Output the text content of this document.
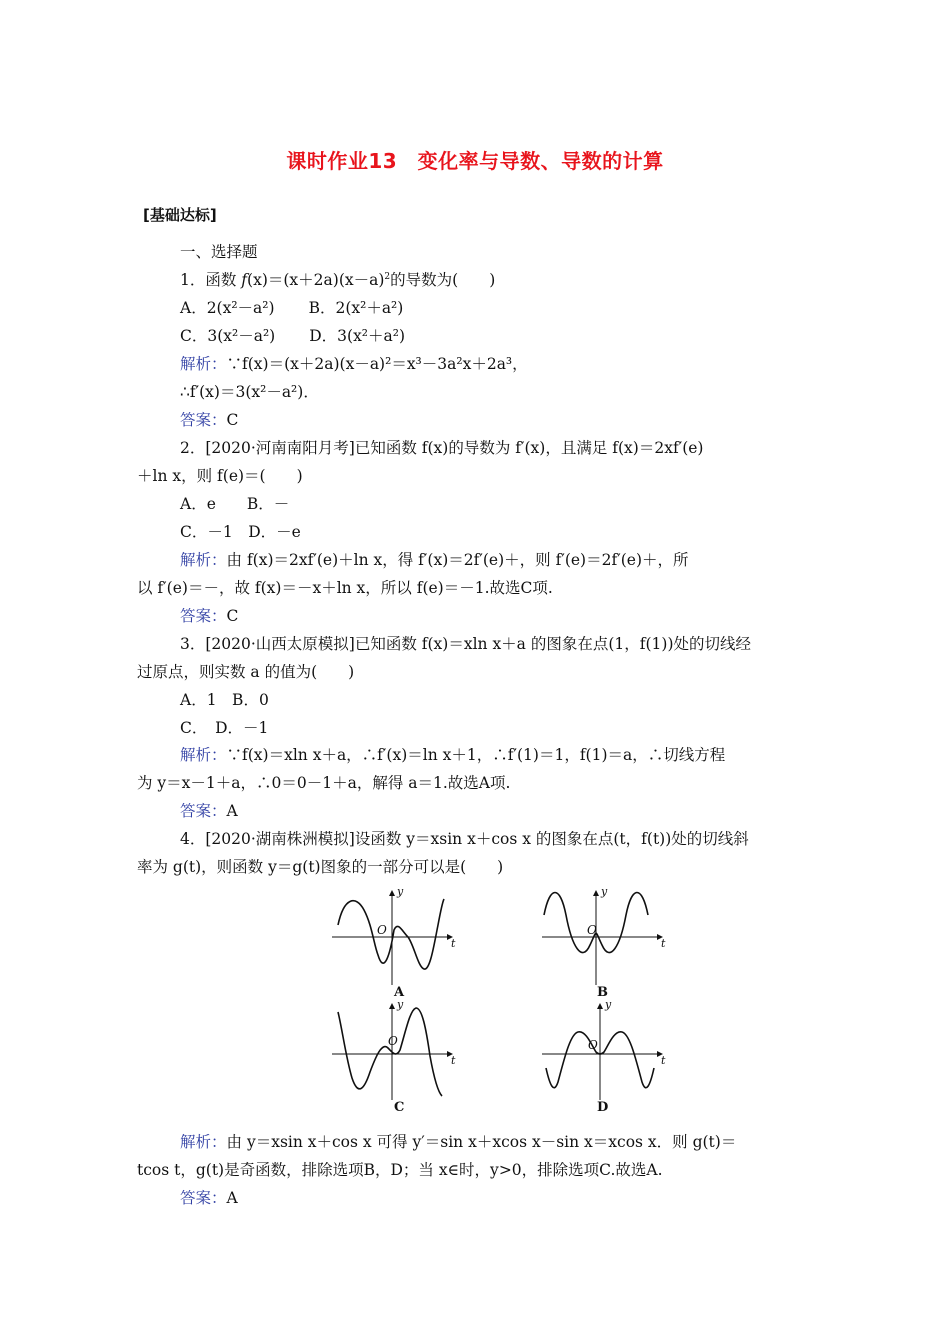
课时作业13　变化率与导数、导数的计算
[基础达标]
一、选择题
1．函数 $f(x)=(x+2a)(x-a)^2$的导数为(　　)
A．2(x²－a²) B．2(x²＋a²)
C．3(x²－a²) D．3(x²＋a²)
解析：∵f(x)＝(x＋2a)(x－a)²＝x³－3a²x＋2a³，
∴f′(x)＝3(x²－a²)．
答案：C
2．[2020·河南南阳月考]已知函数 f(x)的导数为 f′(x)，且满足 f(x)＝2xf′(e)
＋ln x，则 f(e)＝(　　)
A．e　　B．－
C．－1　D．－e
解析：由 f(x)＝2xf′(e)＋ln x，得 f′(x)＝2f′(e)＋，则 f′(e)＝2f′(e)＋，所
以 f′(e)＝－，故 f(x)＝－x＋ln x，所以 f(e)＝－1.故选C项.
答案：C
3．[2020·山西太原模拟]已知函数 f(x)＝xln x＋a 的图象在点(1，f(1))处的切线经
过原点，则实数 a 的值为(　　)
A．1　B．0
C．　D．－1
解析：∵f(x)＝xln x＋a，∴f′(x)＝ln x＋1，∴f′(1)＝1，f(1)＝a，∴切线方程
为 y＝x－1＋a，∴0＝0－1＋a，解得 a＝1.故选A项.
答案：A
4．[2020·湖南株洲模拟]设函数 y＝xsin x＋cos x 的图象在点(t，f(t))处的切线斜
率为 g(t)，则函数 y＝g(t)图象的一部分可以是(　　)
y
t
O
A
y
t
O
B
y
t
O
C
y
t
O
D
解析：由 y＝xsin x＋cos x 可得 y′＝sin x＋xcos x－sin x＝xcos x．则 g(t)＝
tcos t，g(t)是奇函数，排除选项B，D；当 x∈时，y>0，排除选项C.故选A.
答案：A
